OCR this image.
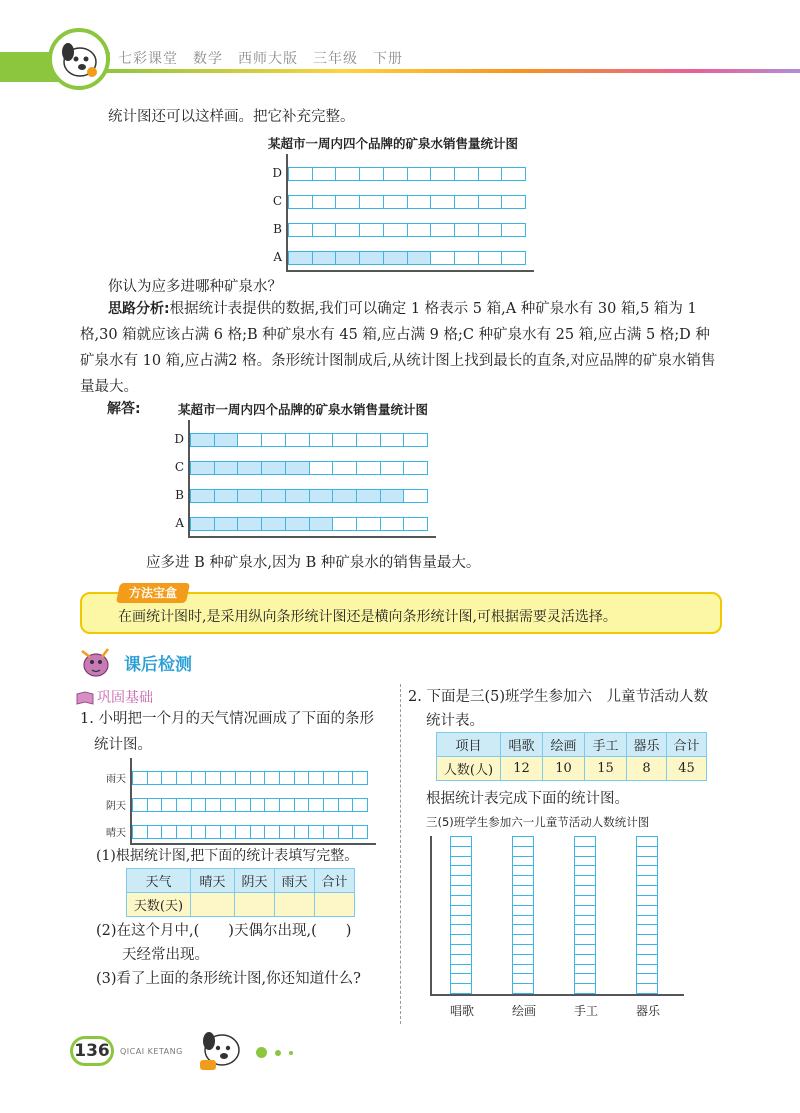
七彩课堂　数学　西师大版　三年级　下册
统计图还可以这样画。把它补充完整。
某超市一周内四个品牌的矿泉水销售量统计图
A
B
C
D
你认为应多进哪种矿泉水？
思路分析:根据统计表提供的数据,我们可以确定 1 格表示 5 箱,A 种矿泉水有 30 箱,5 箱为 1 格,30 箱就应该占满 6 格;B 种矿泉水有 45 箱,应占满 9 格;C 种矿泉水有 25 箱,应占满 5 格;D 种矿泉水有 10 箱,应占满2 格。条形统计图制成后,从统计图上找到最长的直条,对应品牌的矿泉水销售量最大。
解答:	某超市一周内四个品牌的矿泉水销售量统计图
A
B
C
D
应多进 B 种矿泉水,因为 B 种矿泉水的销售量最大。
方法宝盒
在画统计图时,是采用纵向条形统计图还是横向条形统计图,可根据需要灵活选择。
课后检测
巩固基础
1. 小明把一个月的天气情况画成了下面的条形
统计图。
晴天
阴天
雨天
(1)根据统计图,把下面的统计表填写完整。
天气	晴天	阴天	雨天	合计
天数(天)				
(2)在这个月中,(　　)天偶尔出现,(　　)
天经常出现。
(3)看了上面的条形统计图,你还知道什么?
2. 下面是三(5)班学生参加六　儿童节活动人数
统计表。
项目	唱歌	绘画	手工	器乐	合计
人数(人)	12	10	15	8	45
根据统计表完成下面的统计图。
三(5)班学生参加六一儿童节活动人数统计图
唱歌	绘画	手工	器乐
136	QICAI KETANG
